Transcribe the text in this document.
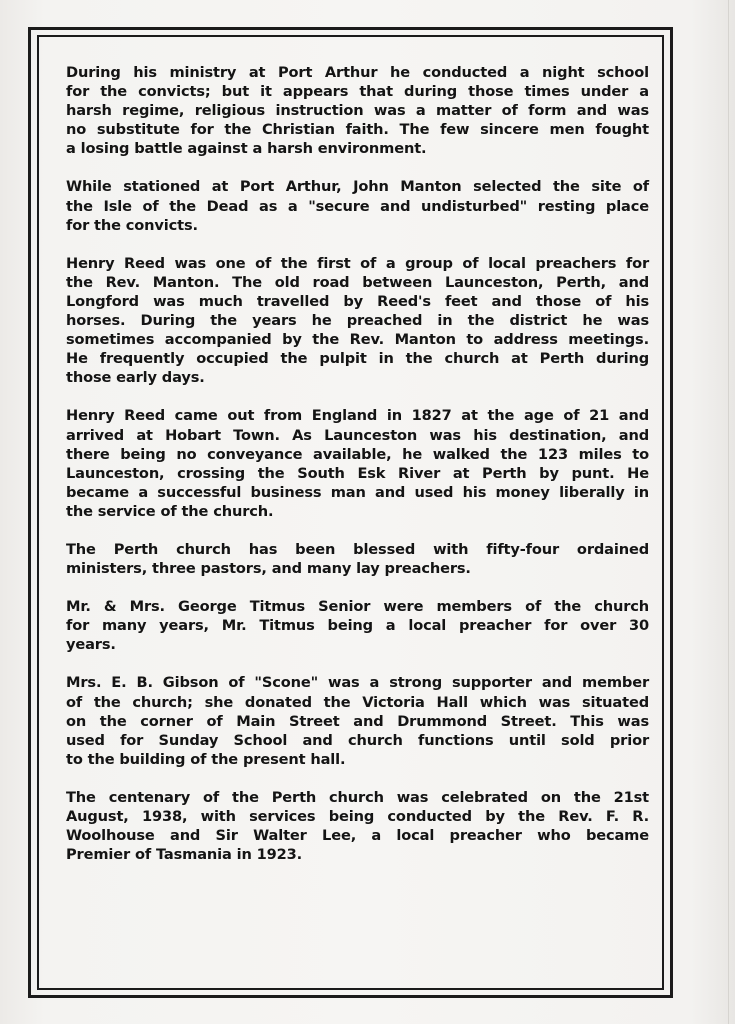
During his ministry at Port Arthur he conducted a night school
for the convicts; but it appears that during those times under a
harsh regime, religious instruction was a matter of form and was
no substitute for the Christian faith. The few sincere men fought
a losing battle against a harsh environment.
While stationed at Port Arthur, John Manton selected the site of
the Isle of the Dead as a "secure and undisturbed" resting place
for the convicts.
Henry Reed was one of the first of a group of local preachers for
the Rev. Manton. The old road between Launceston, Perth, and
Longford was much travelled by Reed's feet and those of his
horses. During the years he preached in the district he was
sometimes accompanied by the Rev. Manton to address meetings.
He frequently occupied the pulpit in the church at Perth during
those early days.
Henry Reed came out from England in 1827 at the age of 21 and
arrived at Hobart Town. As Launceston was his destination, and
there being no conveyance available, he walked the 123 miles to
Launceston, crossing the South Esk River at Perth by punt. He
became a successful business man and used his money liberally in
the service of the church.
The Perth church has been blessed with fifty-four ordained
ministers, three pastors, and many lay preachers.
Mr. & Mrs. George Titmus Senior were members of the church
for many years, Mr. Titmus being a local preacher for over 30
years.
Mrs. E. B. Gibson of "Scone" was a strong supporter and member
of the church; she donated the Victoria Hall which was situated
on the corner of Main Street and Drummond Street. This was
used for Sunday School and church functions until sold prior
to the building of the present hall.
The centenary of the Perth church was celebrated on the 21st
August, 1938, with services being conducted by the Rev. F. R.
Woolhouse and Sir Walter Lee, a local preacher who became
Premier of Tasmania in 1923.
